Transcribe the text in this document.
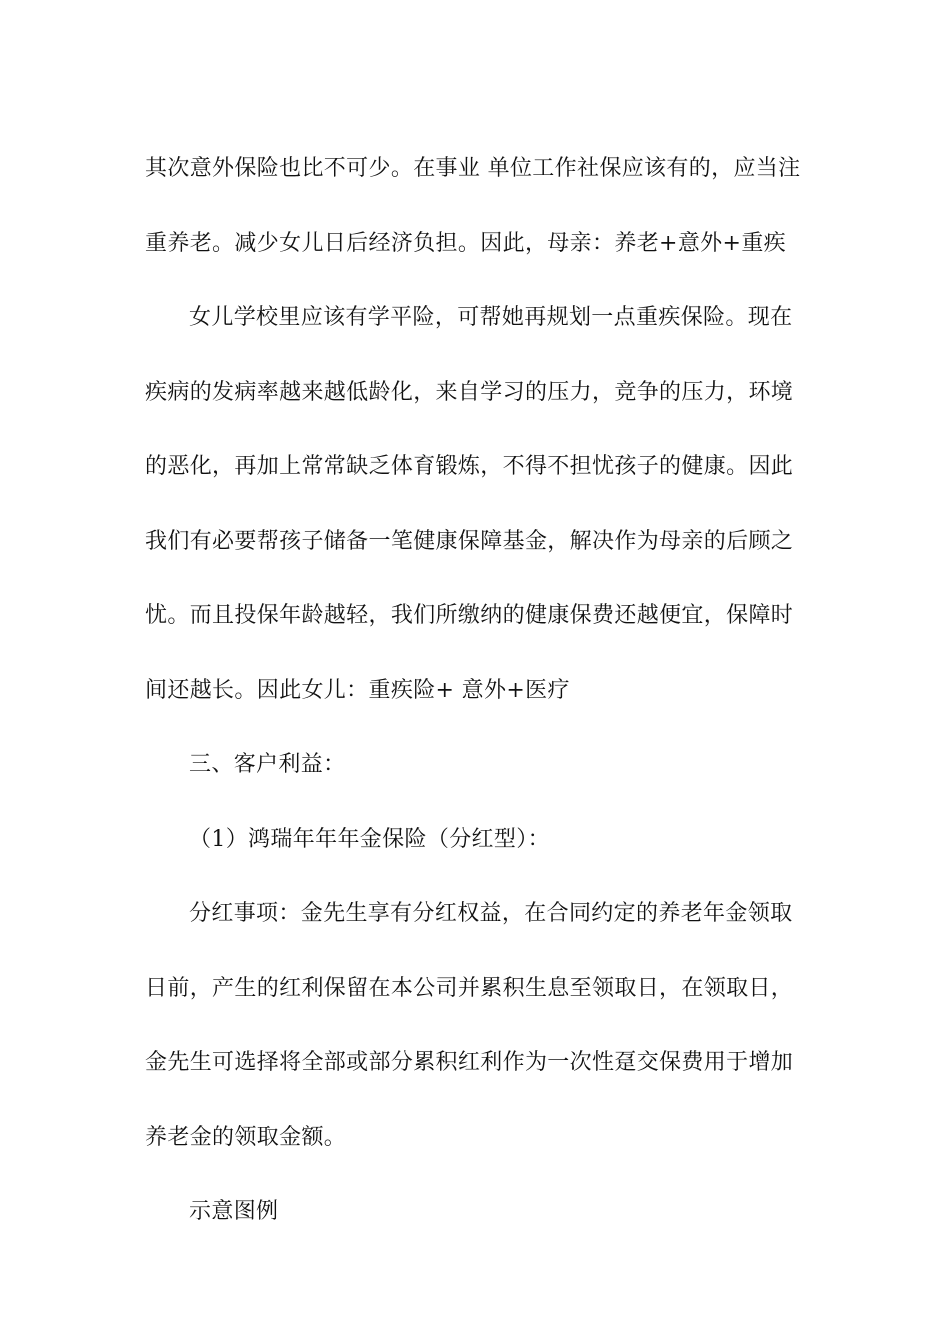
其次意外保险也比不可少。在事业 单位工作社保应该有的，应当注
重养老。减少女儿日后经济负担。因此，母亲：养老+意外+重疾

女儿学校里应该有学平险，可帮她再规划一点重疾保险。现在
疾病的发病率越来越低龄化，来自学习的压力，竞争的压力，环境
的恶化，再加上常常缺乏体育锻炼，不得不担忧孩子的健康。因此
我们有必要帮孩子储备一笔健康保障基金，解决作为母亲的后顾之
忧。而且投保年龄越轻，我们所缴纳的健康保费还越便宜，保障时
间还越长。因此女儿：重疾险+ 意外+医疗

三、客户利益：

（1）鸿瑞年年年金保险（分红型）：

分红事项：金先生享有分红权益，在合同约定的养老年金领取
日前，产生的红利保留在本公司并累积生息至领取日，在领取日，
金先生可选择将全部或部分累积红利作为一次性趸交保费用于增加
养老金的领取金额。

示意图例
